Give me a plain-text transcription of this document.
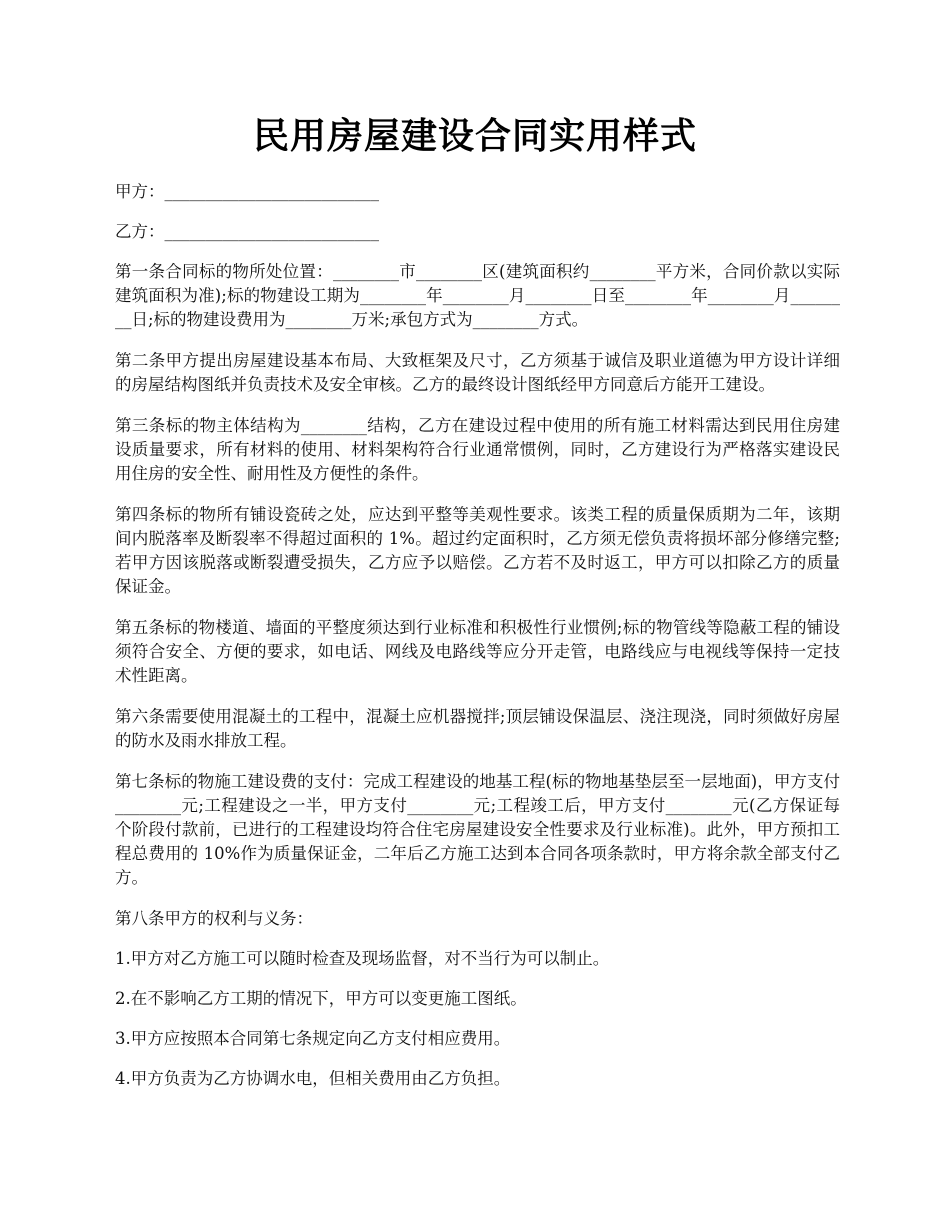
民用房屋建设合同实用样式

甲方：__________________________

乙方：__________________________

第一条合同标的物所处位置：________市________区(建筑面积约________平方米，合同价款以实际建筑面积为准);标的物建设工期为________年________月________日至________年________月________日;标的物建设费用为________万米;承包方式为________方式。

第二条甲方提出房屋建设基本布局、大致框架及尺寸，乙方须基于诚信及职业道德为甲方设计详细的房屋结构图纸并负责技术及安全审核。乙方的最终设计图纸经甲方同意后方能开工建设。

第三条标的物主体结构为________结构，乙方在建设过程中使用的所有施工材料需达到民用住房建设质量要求，所有材料的使用、材料架构符合行业通常惯例，同时，乙方建设行为严格落实建设民用住房的安全性、耐用性及方便性的条件。

第四条标的物所有铺设瓷砖之处，应达到平整等美观性要求。该类工程的质量保质期为二年，该期间内脱落率及断裂率不得超过面积的 1%。超过约定面积时，乙方须无偿负责将损坏部分修缮完整;若甲方因该脱落或断裂遭受损失，乙方应予以赔偿。乙方若不及时返工，甲方可以扣除乙方的质量保证金。

第五条标的物楼道、墙面的平整度须达到行业标准和积极性行业惯例;标的物管线等隐蔽工程的铺设须符合安全、方便的要求，如电话、网线及电路线等应分开走管，电路线应与电视线等保持一定技术性距离。

第六条需要使用混凝土的工程中，混凝土应机器搅拌;顶层铺设保温层、浇注现浇，同时须做好房屋的防水及雨水排放工程。

第七条标的物施工建设费的支付：完成工程建设的地基工程(标的物地基垫层至一层地面)，甲方支付________元;工程建设之一半，甲方支付________元;工程竣工后，甲方支付________元(乙方保证每个阶段付款前，已进行的工程建设均符合住宅房屋建设安全性要求及行业标准)。此外，甲方预扣工程总费用的 10%作为质量保证金，二年后乙方施工达到本合同各项条款时，甲方将余款全部支付乙方。

第八条甲方的权利与义务：

1.甲方对乙方施工可以随时检查及现场监督，对不当行为可以制止。

2.在不影响乙方工期的情况下，甲方可以变更施工图纸。

3.甲方应按照本合同第七条规定向乙方支付相应费用。

4.甲方负责为乙方协调水电，但相关费用由乙方负担。
